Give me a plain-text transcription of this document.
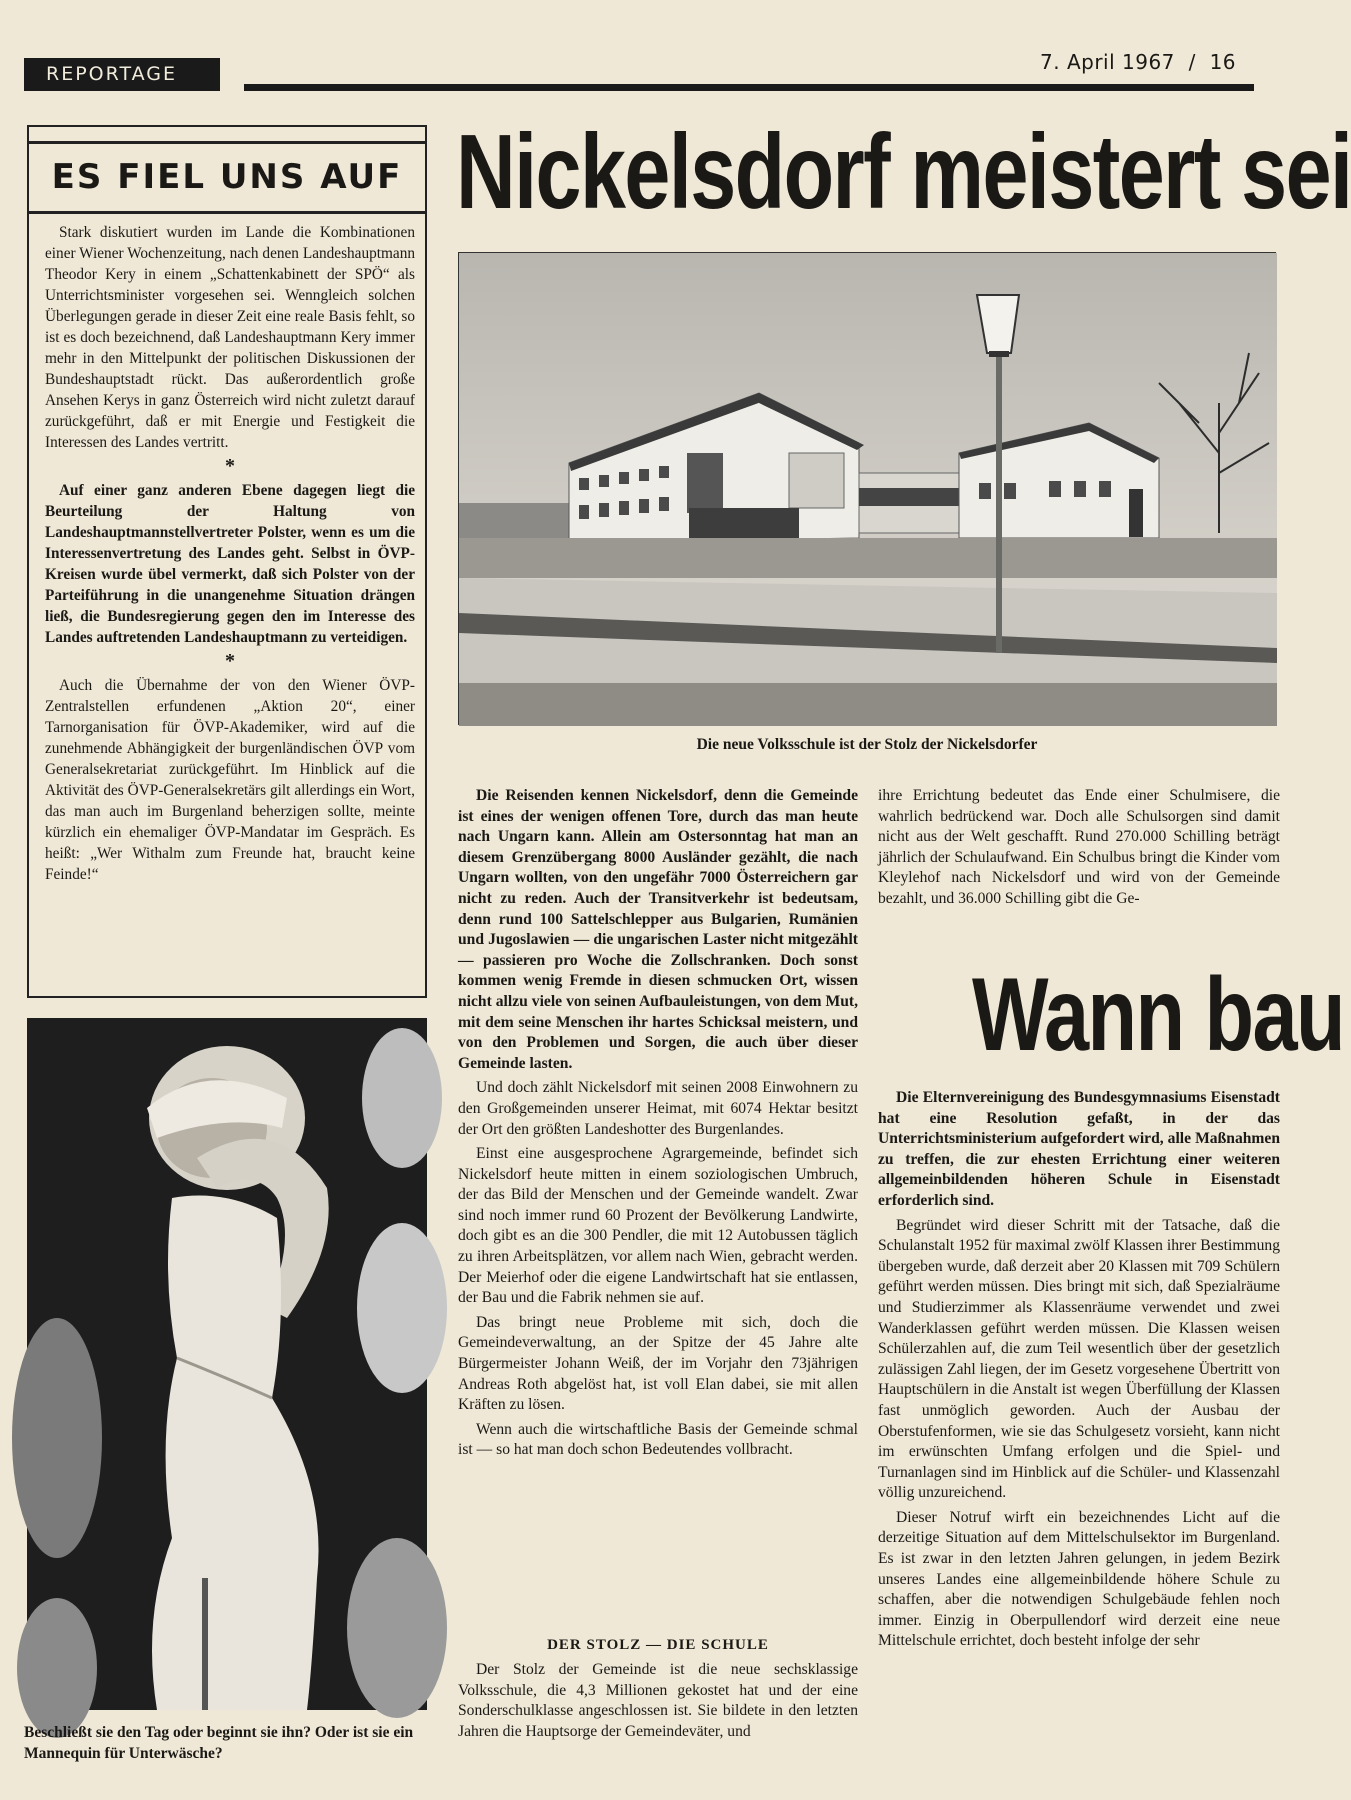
REPORTAGE	7. April 1967  /  16
ES FIEL UNS AUF

Stark diskutiert wurden im Lande die Kombinationen einer Wiener Wochenzeitung, nach denen Landeshauptmann Theodor Kery in einem „Schattenkabinett der SPÖ“ als Unterrichtsminister vorgesehen sei. Wenngleich solchen Überlegungen gerade in dieser Zeit eine reale Basis fehlt, so ist es doch bezeichnend, daß Landeshauptmann Kery immer mehr in den Mittelpunkt der politischen Diskussionen der Bundeshauptstadt rückt. Das außerordentlich große Ansehen Kerys in ganz Österreich wird nicht zuletzt darauf zurückgeführt, daß er mit Energie und Festigkeit die Interessen des Landes vertritt.

*

Auf einer ganz anderen Ebene dagegen liegt die Beurteilung der Haltung von Landeshauptmannstellvertreter Polster, wenn es um die Interessenvertretung des Landes geht. Selbst in ÖVP-Kreisen wurde übel vermerkt, daß sich Polster von der Parteiführung in die unangenehme Situation drängen ließ, die Bundesregierung gegen den im Interesse des Landes auftretenden Landeshauptmann zu verteidigen.

*

Auch die Übernahme der von den Wiener ÖVP-Zentralstellen erfundenen „Aktion 20“, einer Tarnorganisation für ÖVP-Akademiker, wird auf die zunehmende Abhängigkeit der burgenländischen ÖVP vom Generalsekretariat zurückgeführt. Im Hinblick auf die Aktivität des ÖVP-Generalsekretärs gilt allerdings ein Wort, das man auch im Burgenland beherzigen sollte, meinte kürzlich ein ehemaliger ÖVP-Mandatar im Gespräch. Es heißt: „Wer Withalm zum Freunde hat, braucht keine Feinde!“

Nickelsdorf meistert sei
Die neue Volksschule ist der Stolz der Nickelsdorfer

Die Reisenden kennen Nickelsdorf, denn die Gemeinde ist eines der wenigen offenen Tore, durch das man heute nach Ungarn kann. Allein am Ostersonntag hat man an diesem Grenzübergang 8000 Ausländer gezählt, die nach Ungarn wollten, von den ungefähr 7000 Österreichern gar nicht zu reden. Auch der Transitverkehr ist bedeutsam, denn rund 100 Sattelschlepper aus Bulgarien, Rumänien und Jugoslawien — die ungarischen Laster nicht mitgezählt — passieren pro Woche die Zollschranken. Doch sonst kommen wenig Fremde in diesen schmucken Ort, wissen nicht allzu viele von seinen Aufbauleistungen, von dem Mut, mit dem seine Menschen ihr hartes Schicksal meistern, und von den Problemen und Sorgen, die auch über dieser Gemeinde lasten.

Und doch zählt Nickelsdorf mit seinen 2008 Einwohnern zu den Großgemeinden unserer Heimat, mit 6074 Hektar besitzt der Ort den größten Landeshotter des Burgenlandes.

Einst eine ausgesprochene Agrargemeinde, befindet sich Nickelsdorf heute mitten in einem soziologischen Umbruch, der das Bild der Menschen und der Gemeinde wandelt. Zwar sind noch immer rund 60 Prozent der Bevölkerung Landwirte, doch gibt es an die 300 Pendler, die mit 12 Autobussen täglich zu ihren Arbeitsplätzen, vor allem nach Wien, gebracht werden. Der Meierhof oder die eigene Landwirtschaft hat sie entlassen, der Bau und die Fabrik nehmen sie auf.

Das bringt neue Probleme mit sich, doch die Gemeindeverwaltung, an der Spitze der 45 Jahre alte Bürgermeister Johann Weiß, der im Vorjahr den 73jährigen Andreas Roth abgelöst hat, ist voll Elan dabei, sie mit allen Kräften zu lösen.

Wenn auch die wirtschaftliche Basis der Gemeinde schmal ist — so hat man doch schon Bedeutendes vollbracht.

DER STOLZ — DIE SCHULE

Der Stolz der Gemeinde ist die neue sechsklassige Volksschule, die 4,3 Millionen gekostet hat und der eine Sonderschulklasse angeschlossen ist. Sie bildete in den letzten Jahren die Hauptsorge der Gemeindeväter, und

ihre Errichtung bedeutet das Ende einer Schulmisere, die wahrlich bedrückend war. Doch alle Schulsorgen sind damit nicht aus der Welt geschafft. Rund 270.000 Schilling beträgt jährlich der Schulaufwand. Ein Schulbus bringt die Kinder vom Kleylehof nach Nickelsdorf und wird von der Gemeinde bezahlt, und 36.000 Schilling gibt die Ge-

Wann bau

Die Elternvereinigung des Bundesgymnasiums Eisenstadt hat eine Resolution gefaßt, in der das Unterrichtsministerium aufgefordert wird, alle Maßnahmen zu treffen, die zur ehesten Errichtung einer weiteren allgemeinbildenden höheren Schule in Eisenstadt erforderlich sind.

Begründet wird dieser Schritt mit der Tatsache, daß die Schulanstalt 1952 für maximal zwölf Klassen ihrer Bestimmung übergeben wurde, daß derzeit aber 20 Klassen mit 709 Schülern geführt werden müssen. Dies bringt mit sich, daß Spezialräume und Studierzimmer als Klassenräume verwendet und zwei Wanderklassen geführt werden müssen. Die Klassen weisen Schülerzahlen auf, die zum Teil wesentlich über der gesetzlich zulässigen Zahl liegen, der im Gesetz vorgesehene Übertritt von Hauptschülern in die Anstalt ist wegen Überfüllung der Klassen fast unmöglich geworden. Auch der Ausbau der Oberstufenformen, wie sie das Schulgesetz vorsieht, kann nicht im erwünschten Umfang erfolgen und die Spiel- und Turnanlagen sind im Hinblick auf die Schüler- und Klassenzahl völlig unzureichend.

Dieser Notruf wirft ein bezeichnendes Licht auf die derzeitige Situation auf dem Mittelschulsektor im Burgenland. Es ist zwar in den letzten Jahren gelungen, in jedem Bezirk unseres Landes eine allgemeinbildende höhere Schule zu schaffen, aber die notwendigen Schulgebäude fehlen noch immer. Einzig in Oberpullendorf wird derzeit eine neue Mittelschule errichtet, doch besteht infolge der sehr

Beschließt sie den Tag oder beginnt sie ihn? Oder ist sie ein Mannequin für Unterwäsche?
